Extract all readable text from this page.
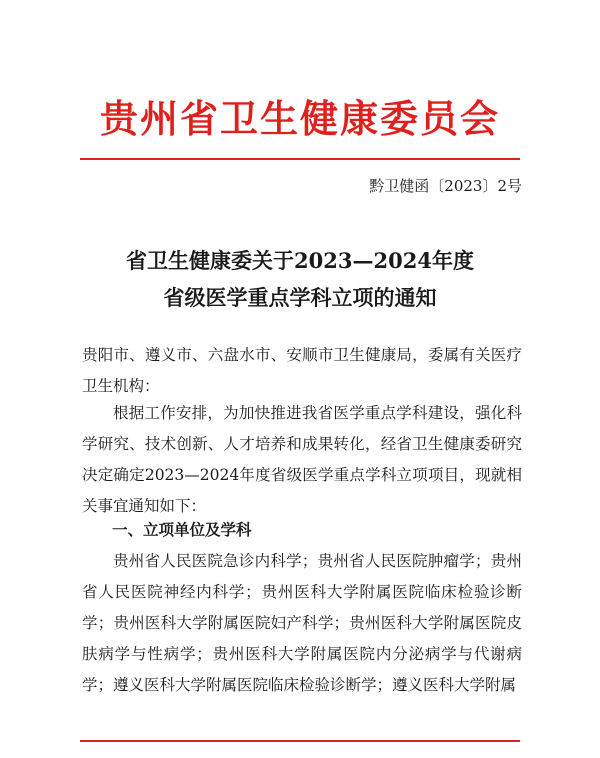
贵州省卫生健康委员会
黔卫健函〔2023〕2号
省卫生健康委关于2023—2024年度
省级医学重点学科立项的通知
贵阳市、遵义市、六盘水市、安顺市卫生健康局，委属有关医疗卫生机构：
根据工作安排，为加快推进我省医学重点学科建设，强化科学研究、技术创新、人才培养和成果转化，经省卫生健康委研究决定确定2023—2024年度省级医学重点学科立项项目，现就相关事宜通知如下：
一、立项单位及学科
贵州省人民医院急诊内科学；贵州省人民医院肿瘤学；贵州省人民医院神经内科学；贵州医科大学附属医院临床检验诊断学；贵州医科大学附属医院妇产科学；贵州医科大学附属医院皮肤病学与性病学；贵州医科大学附属医院内分泌病学与代谢病学；遵义医科大学附属医院临床检验诊断学；遵义医科大学附属
